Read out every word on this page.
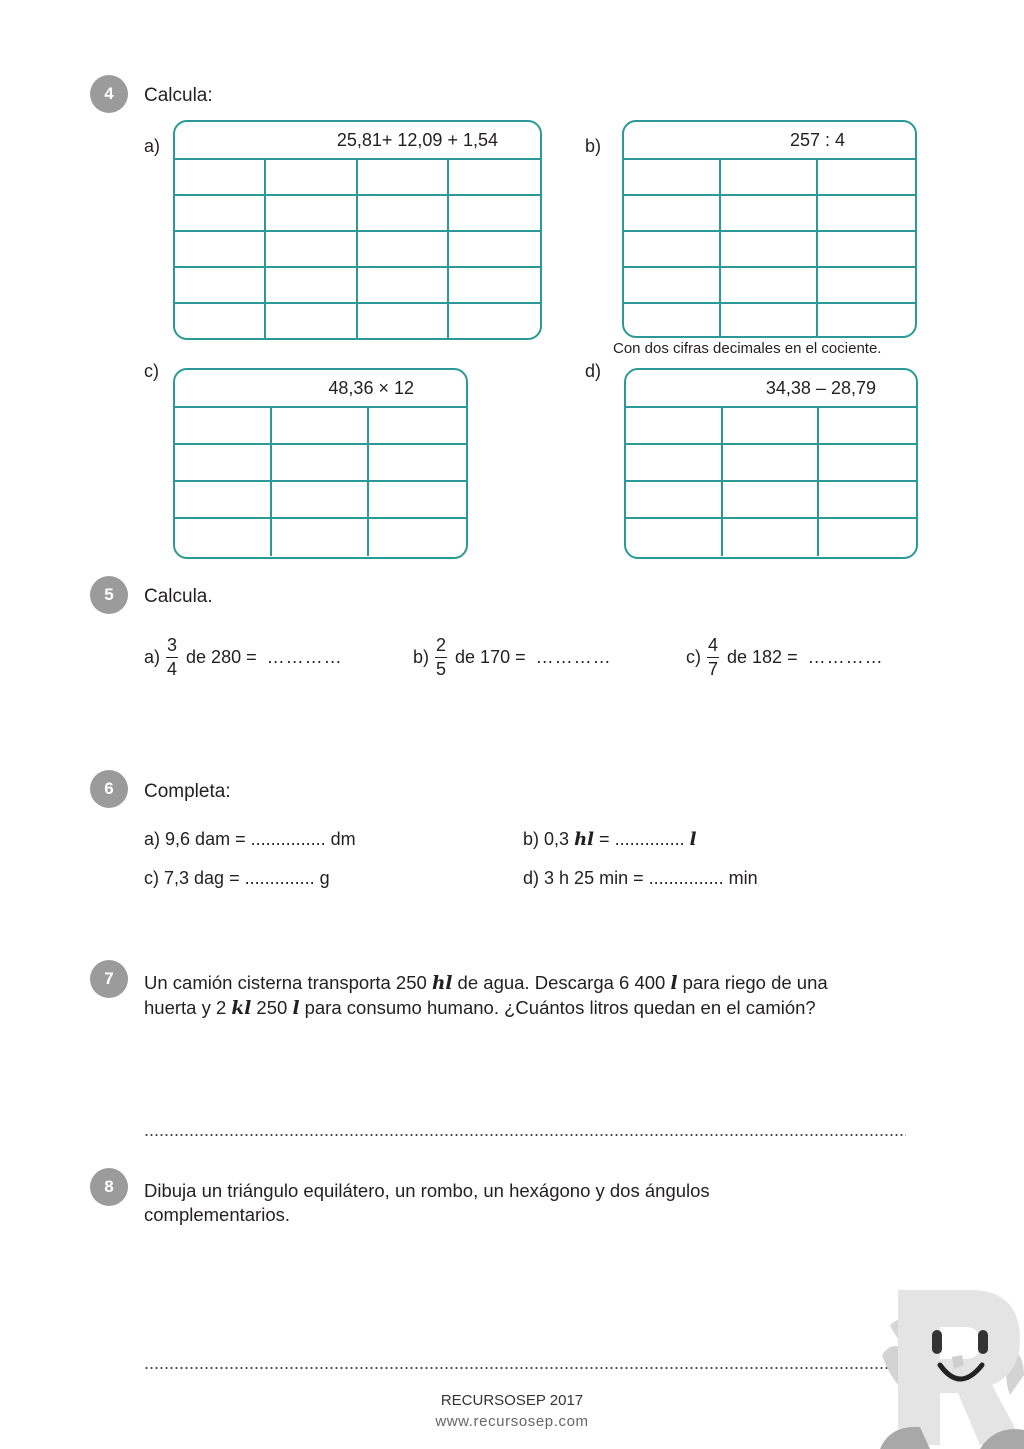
4	Calcula:
a)	25,81+ 12,09 + 1,54	b)	257 : 4
Con dos cifras decimales en el cociente.
c)
48,36 × 12
d)
34,38 – 28,79
5	Calcula.
$a) \frac{3}{4}$ de 280 = …………	$b) \frac{2}{5}$ de 170 = …………	$c) \frac{4}{7}$ de 182 = …………
6	Completa:
a) 9,6 dam = ............... dm	b) 0,3 hl = .............. l
c) 7,3 dag = .............. g	d) 3 h 25 min = ............... min
7	Un camión cisterna transporta 250 hl de agua. Descarga 6 400 l para riego de una
huerta y 2 kl 250 l para consumo humano. ¿Cuántos litros quedan en el camión?
8	Dibuja un triángulo equilátero, un rombo, un hexágono y dos ángulos
complementarios.
RECURSOSEP 2017
www.recursosep.com
